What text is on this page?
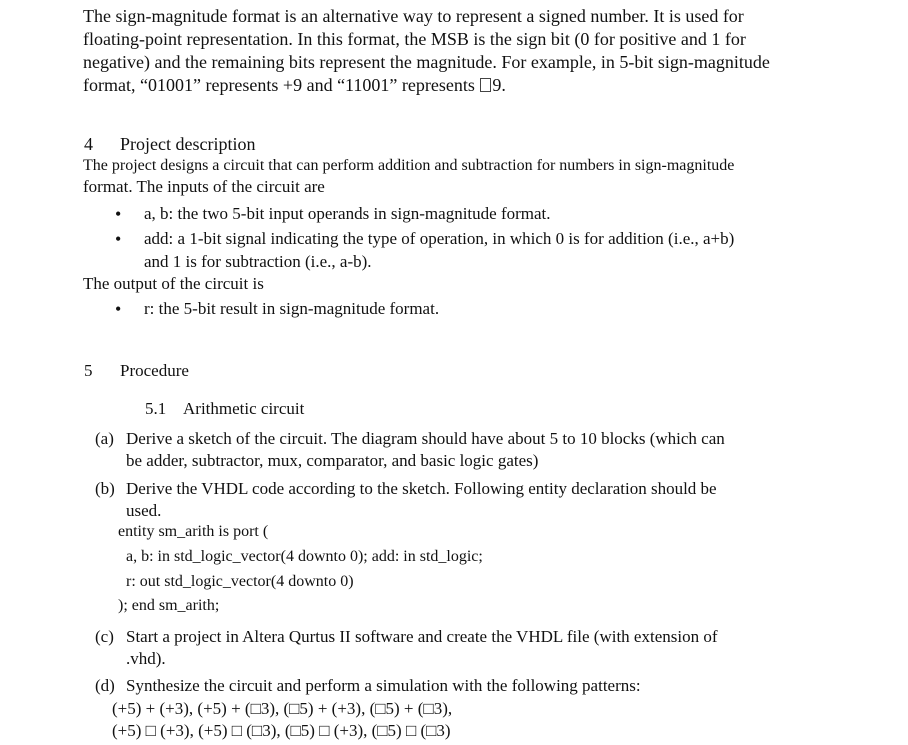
The sign-magnitude format is an alternative way to represent a signed number. It is used for

floating-point representation. In this format, the MSB is the sign bit (0 for positive and 1 for

negative) and the remaining bits represent the magnitude. For example, in 5-bit sign-magnitude

format, “01001” represents +9 and “11001” represents 9.

4 Project description

The project designs a circuit that can perform addition and subtraction for numbers in sign-magnitude

format. The inputs of the circuit are

• a, b: the two 5-bit input operands in sign-magnitude format.

• add: a 1-bit signal indicating the type of operation, in which 0 is for addition (i.e., a+b)

and 1 is for subtraction (i.e., a-b).

The output of the circuit is

• r: the 5-bit result in sign-magnitude format.

5 Procedure

5.1 Arithmetic circuit

(a) Derive a sketch of the circuit. The diagram should have about 5 to 10 blocks (which can

be adder, subtractor, mux, comparator, and basic logic gates)

(b) Derive the VHDL code according to the sketch. Following entity declaration should be

used.

entity sm_arith is port (

a, b: in std_logic_vector(4 downto 0); add: in std_logic;

r: out std_logic_vector(4 downto 0)

); end sm_arith;

(c) Start a project in Altera Qurtus II software and create the VHDL file (with extension of

.vhd).

(d) Synthesize the circuit and perform a simulation with the following patterns:

(+5) + (+3), (+5) + (□3), (□5) + (+3), (□5) + (□3),

(+5) □ (+3), (+5) □ (□3), (□5) □ (+3), (□5) □ (□3)
